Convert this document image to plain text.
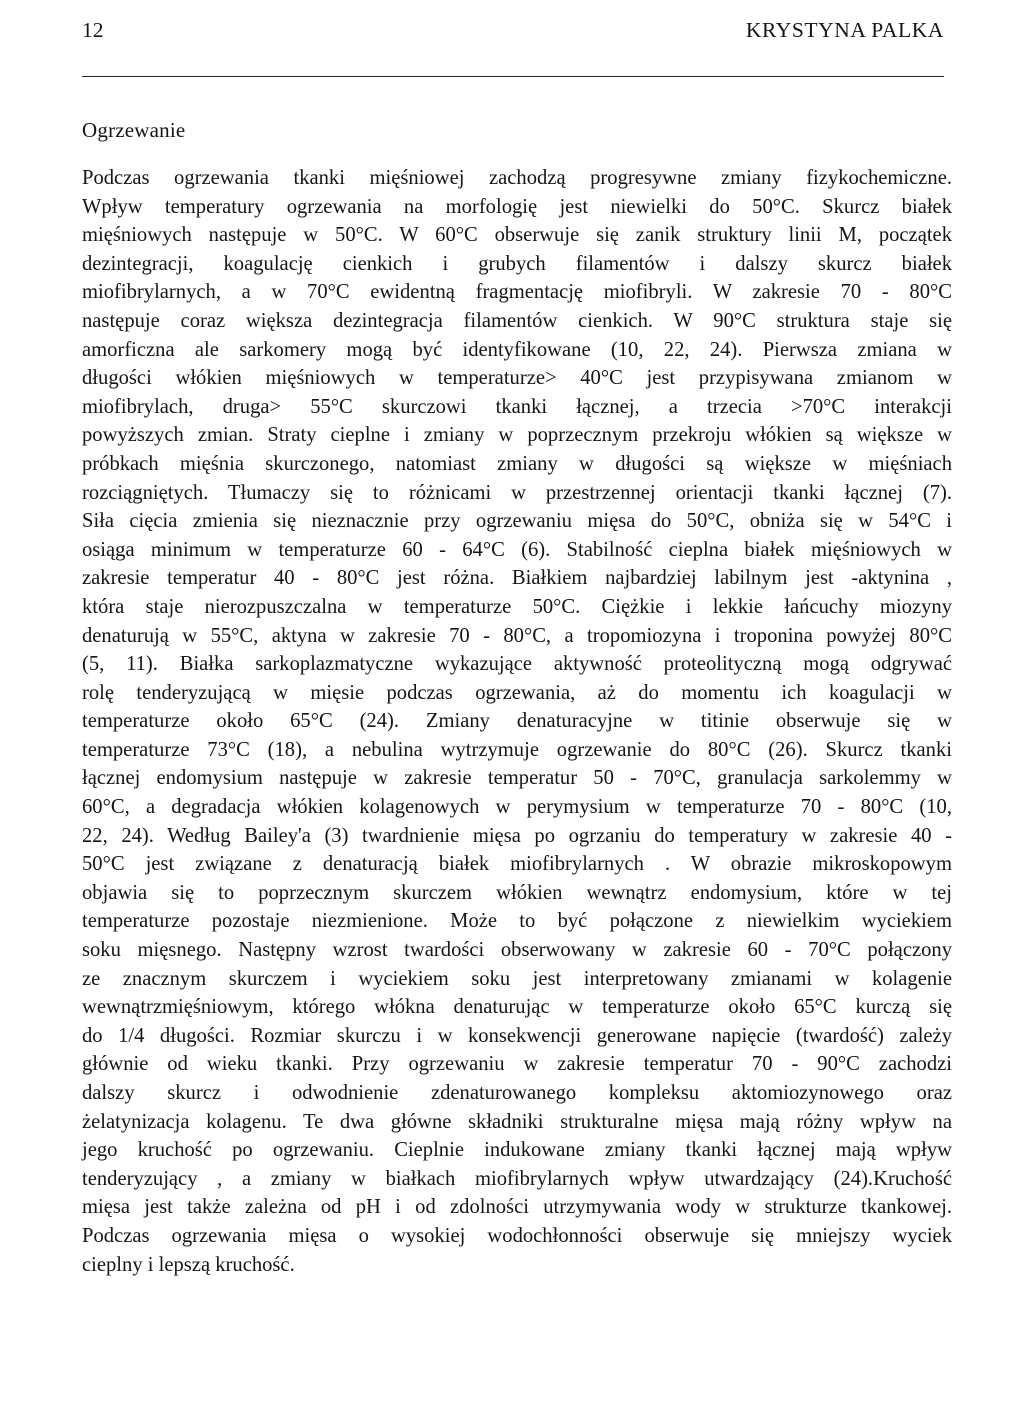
12	KRYSTYNA PALKA
Ogrzewanie
Podczas ogrzewania tkanki mięśniowej zachodzą progresywne zmiany fizykochemiczne.
Wpływ temperatury ogrzewania na morfologię jest niewielki do 50°C. Skurcz białek
mięśniowych następuje w 50°C. W 60°C obserwuje się zanik struktury linii M, początek
dezintegracji, koagulację cienkich i grubych filamentów i dalszy skurcz białek
miofibrylarnych, a w 70°C ewidentną fragmentację miofibryli. W zakresie 70 - 80°C
następuje coraz większa dezintegracja filamentów cienkich. W 90°C struktura staje się
amorficzna ale sarkomery mogą być identyfikowane (10, 22, 24). Pierwsza zmiana w
długości włókien mięśniowych w temperaturze> 40°C jest przypisywana zmianom w
miofibrylach, druga> 55°C skurczowi tkanki łącznej, a trzecia >70°C interakcji
powyższych zmian. Straty cieplne i zmiany w poprzecznym przekroju włókien są większe w
próbkach mięśnia skurczonego, natomiast zmiany w długości są większe w mięśniach
rozciągniętych. Tłumaczy się to różnicami w przestrzennej orientacji tkanki łącznej (7).
Siła cięcia zmienia się nieznacznie przy ogrzewaniu mięsa do 50°C, obniża się w 54°C i
osiąga minimum w temperaturze 60 - 64°C (6). Stabilność cieplna białek mięśniowych w
zakresie temperatur 40 - 80°C jest różna. Białkiem najbardziej labilnym jest -aktynina ,
która staje nierozpuszczalna w temperaturze 50°C. Ciężkie i lekkie łańcuchy miozyny
denaturują w 55°C, aktyna w zakresie 70 - 80°C, a tropomiozyna i troponina powyżej 80°C
(5, 11). Białka sarkoplazmatyczne wykazujące aktywność proteolityczną mogą odgrywać
rolę tenderyzującą w mięsie podczas ogrzewania, aż do momentu ich koagulacji w
temperaturze około 65°C (24). Zmiany denaturacyjne w titinie obserwuje się w
temperaturze 73°C (18), a nebulina wytrzymuje ogrzewanie do 80°C (26). Skurcz tkanki
łącznej endomysium następuje w zakresie temperatur 50 - 70°C, granulacja sarkolemmy w
60°C, a degradacja włókien kolagenowych w perymysium w temperaturze 70 - 80°C (10,
22, 24). Według Bailey'a (3) twardnienie mięsa po ogrzaniu do temperatury w zakresie 40 -
50°C jest związane z denaturacją białek miofibrylarnych . W obrazie mikroskopowym
objawia się to poprzecznym skurczem włókien wewnątrz endomysium, które w tej
temperaturze pozostaje niezmienione. Może to być połączone z niewielkim wyciekiem
soku mięsnego. Następny wzrost twardości obserwowany w zakresie 60 - 70°C połączony
ze znacznym skurczem i wyciekiem soku jest interpretowany zmianami w kolagenie
wewnątrzmięśniowym, którego włókna denaturując w temperaturze około 65°C kurczą się
do 1/4 długości. Rozmiar skurczu i w konsekwencji generowane napięcie (twardość) zależy
głównie od wieku tkanki. Przy ogrzewaniu w zakresie temperatur 70 - 90°C zachodzi
dalszy skurcz i odwodnienie zdenaturowanego kompleksu aktomiozynowego oraz
żelatynizacja kolagenu. Te dwa główne składniki strukturalne mięsa mają różny wpływ na
jego kruchość po ogrzewaniu. Cieplnie indukowane zmiany tkanki łącznej mają wpływ
tenderyzujący , a zmiany w białkach miofibrylarnych wpływ utwardzający (24).Kruchość
mięsa jest także zależna od pH i od zdolności utrzymywania wody w strukturze tkankowej.
Podczas ogrzewania mięsa o wysokiej wodochłonności obserwuje się mniejszy wyciek
cieplny i lepszą kruchość.
